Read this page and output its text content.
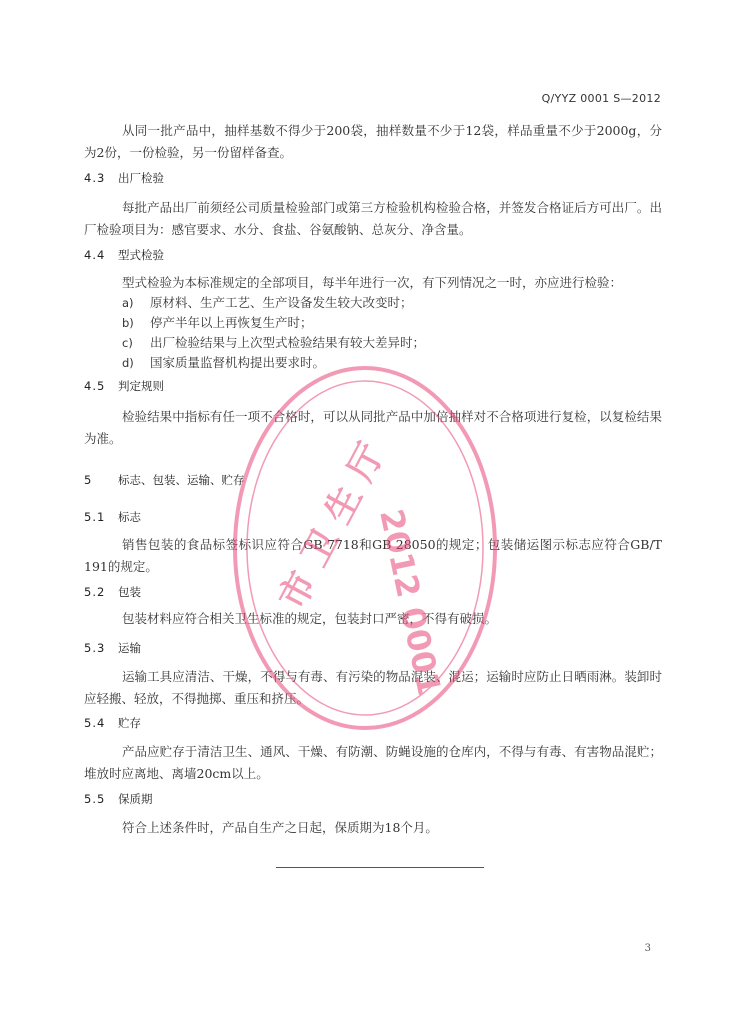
Q/YYZ 0001 S—2012
从同一批产品中，抽样基数不得少于200袋，抽样数量不少于12袋，样品重量不少于2000g，分为2份，一份检验，另一份留样备查。
4.3 出厂检验
每批产品出厂前须经公司质量检验部门或第三方检验机构检验合格，并签发合格证后方可出厂。出厂检验项目为：感官要求、水分、食盐、谷氨酸钠、总灰分、净含量。
4.4 型式检验
型式检验为本标准规定的全部项目，每半年进行一次，有下列情况之一时，亦应进行检验：
a) 原材料、生产工艺、生产设备发生较大改变时；
b) 停产半年以上再恢复生产时；
c) 出厂检验结果与上次型式检验结果有较大差异时；
d) 国家质量监督机构提出要求时。
4.5 判定规则
检验结果中指标有任一项不合格时，可以从同批产品中加倍抽样对不合格项进行复检，以复检结果为准。
5 标志、包装、运输、贮存
5.1 标志
销售包装的食品标签标识应符合GB 7718和GB 28050的规定；包装储运图示标志应符合GB/T 191的规定。
5.2 包装
包装材料应符合相关卫生标准的规定，包装封口严密，不得有破损。
5.3 运输
运输工具应清洁、干燥，不得与有毒、有污染的物品混装、混运；运输时应防止日晒雨淋。装卸时应轻搬、轻放，不得抛掷、重压和挤压。
5.4 贮存
产品应贮存于清洁卫生、通风、干燥、有防潮、防蝇设施的仓库内，不得与有毒、有害物品混贮；堆放时应离地、离墙20cm以上。
5.5 保质期
符合上述条件时，产品自生产之日起，保质期为18个月。
3
市 卫 生 厅
2012 0001
